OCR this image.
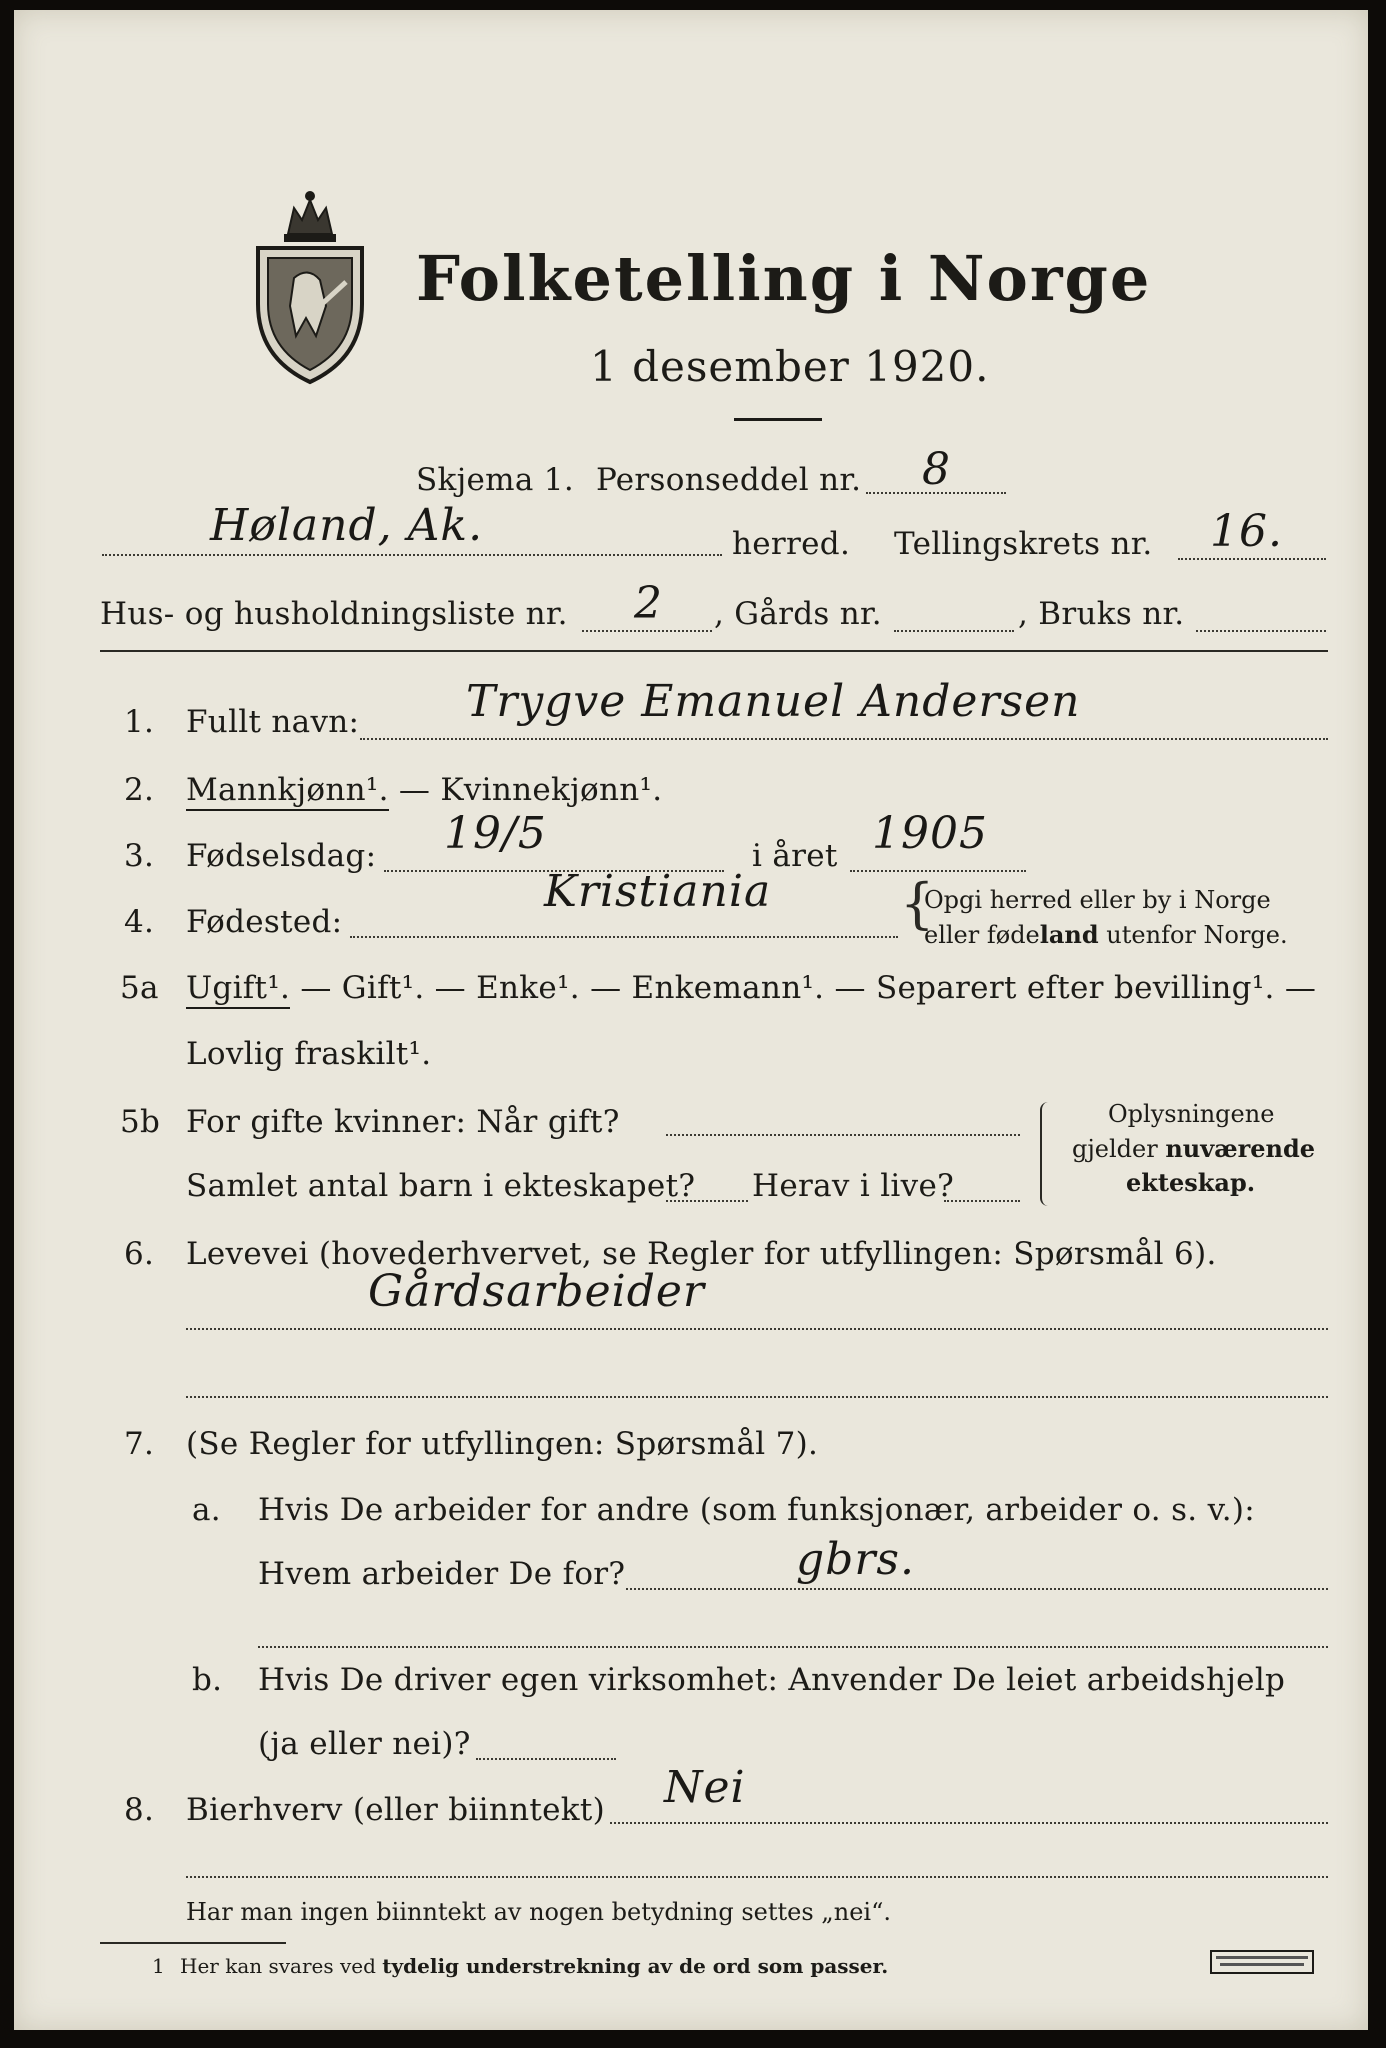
Folketelling i Norge
1 desember 1920.
Skjema 1. Personseddel nr. 8
Høland, Ak.	herred. Tellingskrets nr. 16.
Hus- og husholdningsliste nr. 2 , Gårds nr.	, Bruks nr.
1. Fullt navn: Trygve Emanuel Andersen
2. Mannkjønn¹. — Kvinnekjønn¹.
3. Fødselsdag: 19/5	i året 1905
4. Fødested:
Kristiania {
Opgi herred eller by i Norge
eller fødeland utenfor Norge.
5a Ugift¹. — Gift¹. — Enke¹. — Enkemann¹. — Separert efter bevilling¹. —
Lovlig fraskilt¹.
5b For gifte kvinner: Når gift?
Samlet antal barn i ekteskapet? Herav i live?
Oplysningene
gjelder nuværende
ekteskap.
6. Levevei (hovederhvervet, se Regler for utfyllingen: Spørsmål 6).
Gårdsarbeider
7. (Se Regler for utfyllingen: Spørsmål 7).
a. Hvis De arbeider for andre (som funksjonær, arbeider o. s. v.):
Hvem arbeider De for?	gbrs.
b. Hvis De driver egen virksomhet: Anvender De leiet arbeidshjelp
(ja eller nei)?
8. Bierhverv (eller biinntekt) Nei
Har man ingen biinntekt av nogen betydning settes „nei“.
1 Her kan svares ved tydelig understrekning av de ord som passer.
